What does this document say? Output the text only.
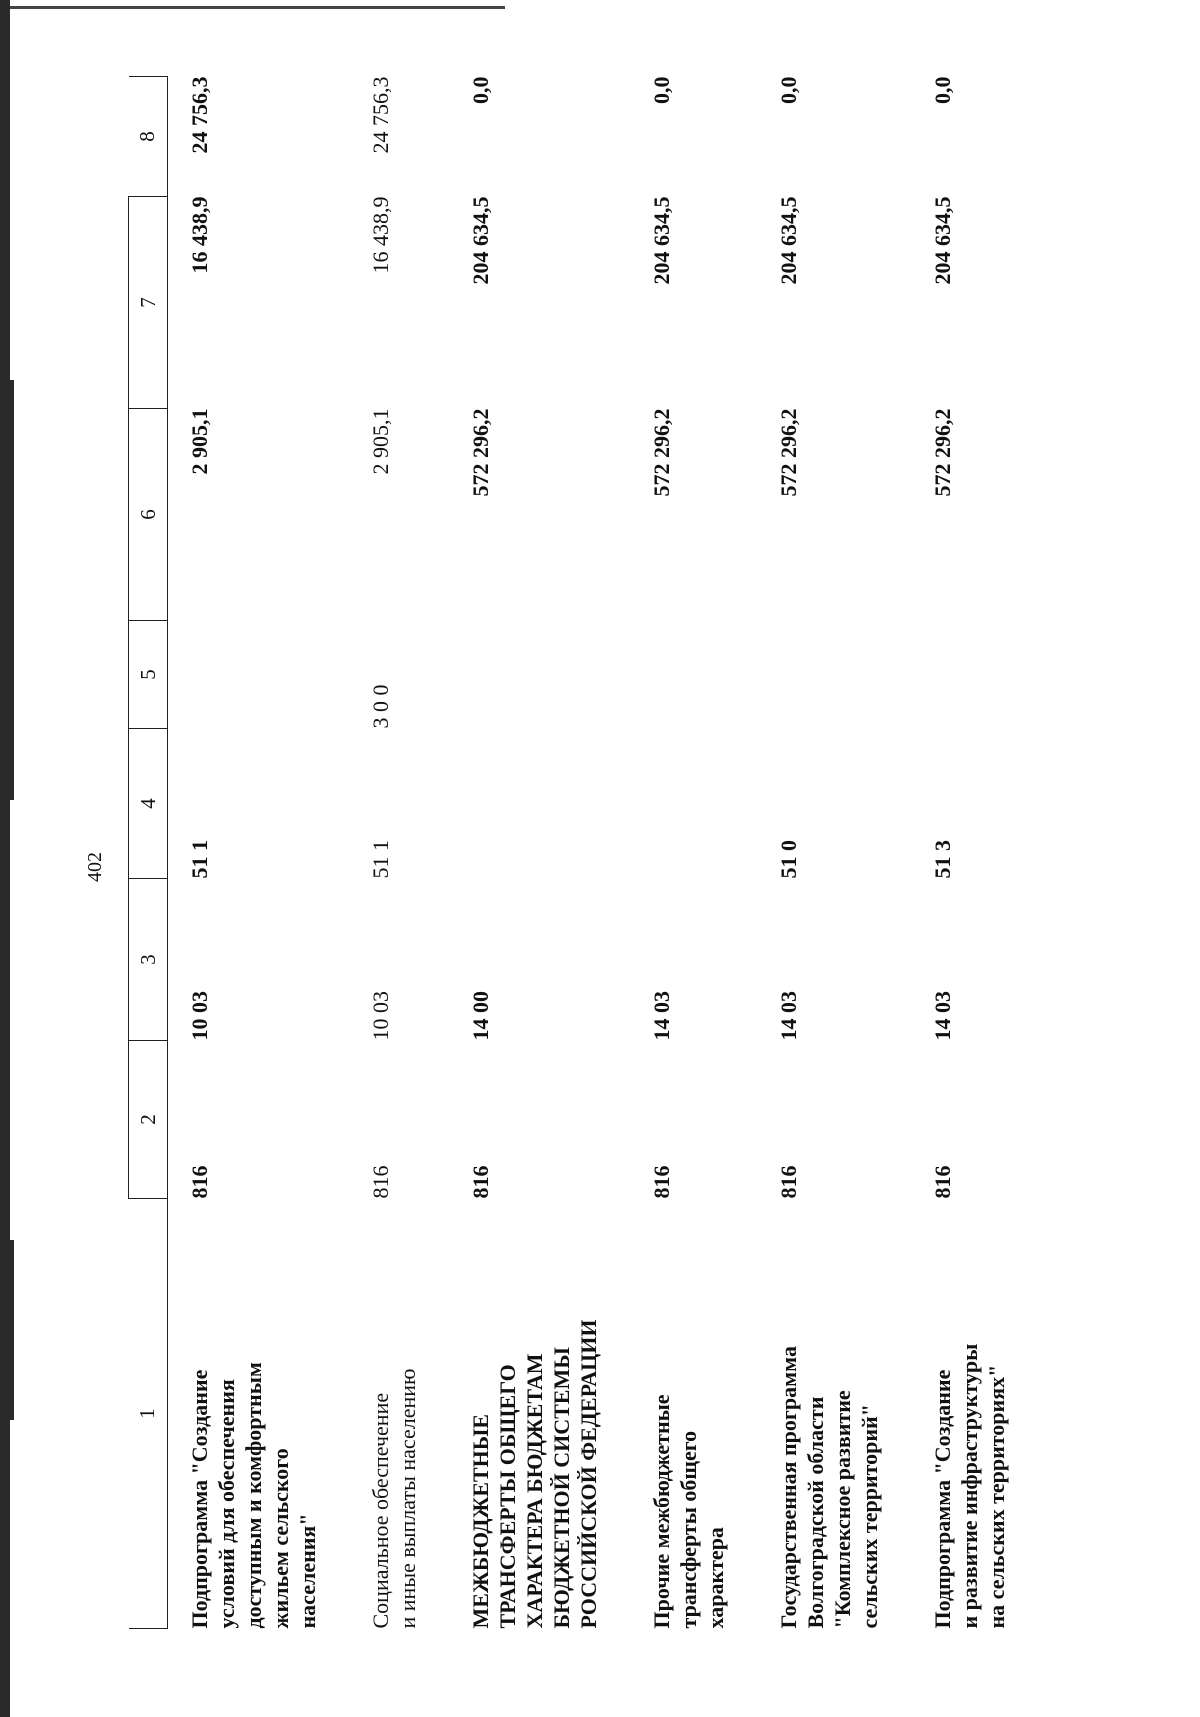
402
1	2	3	4	5	6	7	8

Подпрограмма "Создание условий для обеспечения доступным и комфортным жильем сельского населения"	816	10 03	51 1		2 905,1	16 438,9	24 756,3

Социальное обеспечение и иные выплаты населению	816	10 03	51 1	3 0 0	2 905,1	16 438,9	24 756,3

МЕЖБЮДЖЕТНЫЕ ТРАНСФЕРТЫ ОБЩЕГО ХАРАКТЕРА БЮДЖЕТАМ БЮДЖЕТНОЙ СИСТЕМЫ РОССИЙСКОЙ ФЕДЕРАЦИИ	816	14 00			572 296,2	204 634,5	0,0

Прочие межбюджетные трансферты общего характера	816	14 03			572 296,2	204 634,5	0,0

Государственная программа Волгоградской области "Комплексное развитие сельских территорий"	816	14 03	51 0		572 296,2	204 634,5	0,0

Подпрограмма "Создание и развитие инфраструктуры на сельских территориях"	816	14 03	51 3		572 296,2	204 634,5	0,0
